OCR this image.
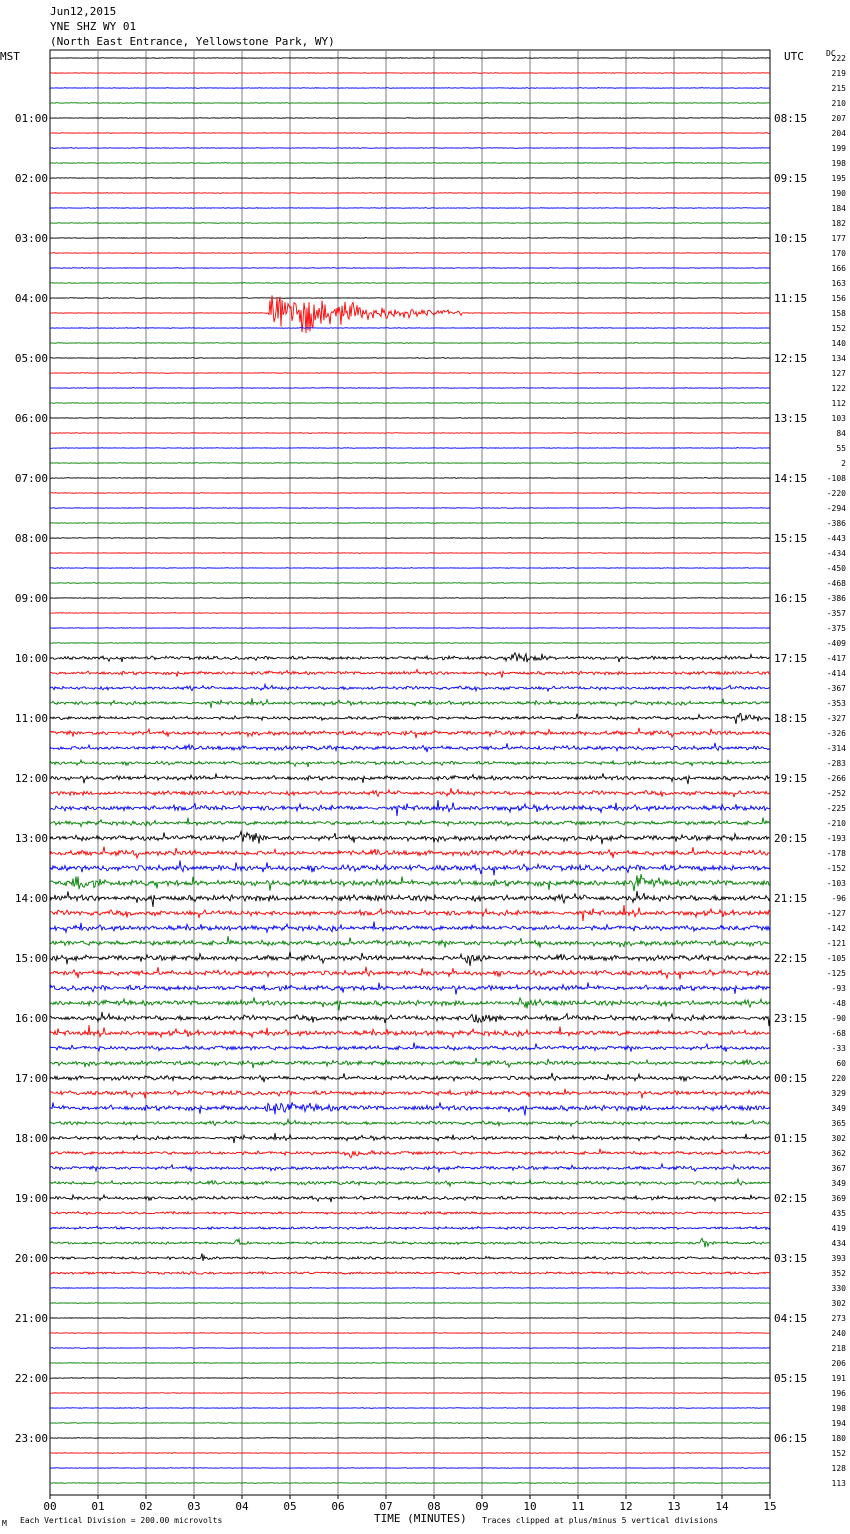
Jun12,2015
YNE SHZ WY 01
(North East Entrance, Yellowstone Park, WY)
MST	UTC	DC
01:00
02:00
03:00
04:00
05:00
06:00
07:00
08:00
09:00
10:00
11:00
12:00
13:00
14:00
15:00
16:00
17:00
18:00
19:00
20:00
21:00
22:00
23:00
08:15
09:15
10:15
11:15
12:15
13:15
14:15
15:15
16:15
17:15
18:15
19:15
20:15
21:15
22:15
23:15
00:15
01:15
02:15
03:15
04:15
05:15
06:15
222
219
215
210
207
204
199
198
195
190
184
182
177
170
166
163
156
158
152
140
134
127
122
112
103
84
55
2
-108
-220
-294
-386
-443
-434
-450
-468
-386
-357
-375
-409
-417
-414
-367
-353
-327
-326
-314
-283
-266
-252
-225
-210
-193
-178
-152
-103
-96
-127
-142
-121
-105
-125
-93
-48
-90
-68
-33
60
220
329
349
365
302
362
367
349
369
435
419
434
393
352
330
302
273
240
218
206
191
196
198
194
180
152
128
113
00	01	02	03	04	05	06	07	08	09	10	11	12	13	14	15
M Each Vertical Division = 200.00 microvolts	TIME (MINUTES) Traces clipped at plus/minus 5 vertical divisions
